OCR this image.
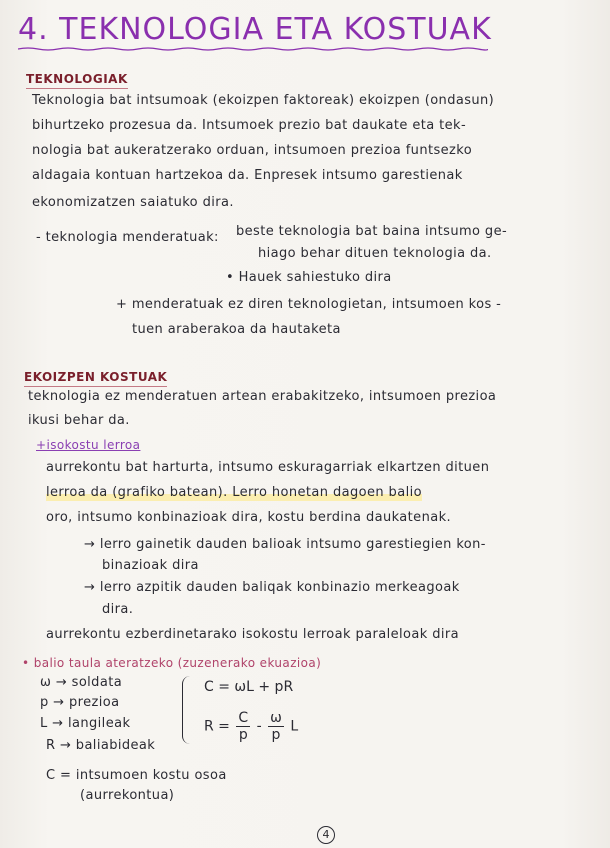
4. TEKNOLOGIA ETA KOSTUAK
TEKNOLOGIAK
Teknologia bat intsumoak (ekoizpen faktoreak) ekoizpen (ondasun)
bihurtzeko prozesua da. Intsumoek prezio bat daukate eta tek-
nologia bat aukeratzerako orduan, intsumoen prezioa funtsezko
aldagaia kontuan hartzekoa da. Enpresek intsumo garestienak
ekonomizatzen saiatuko dira.
- teknologia menderatuak: beste teknologia bat baina intsumo ge-
hiago behar dituen teknologia da.
• Hauek sahiestuko dira
+ menderatuak ez diren teknologietan, intsumoen kos -
tuen araberakoa da hautaketa
EKOIZPEN KOSTUAK
teknologia ez menderatuen artean erabakitzeko, intsumoen prezioa
ikusi behar da.
+isokostu lerroa
aurrekontu bat harturta, intsumo eskuragarriak elkartzen dituen
lerroa da (grafiko batean). Lerro honetan dagoen balio
oro, intsumo konbinazioak dira, kostu berdina daukatenak.
→ lerro gainetik dauden balioak intsumo garestiegien kon-
binazioak dira
→ lerro azpitik dauden baliqak konbinazio merkeagoak
dira.
aurrekontu ezberdinetarako isokostu lerroak paraleloak dira
• balio taula ateratzeko (zuzenerako ekuazioa)
ω → soldata
p → prezioa
L → langileak
R → baliabideak
C = ωL + pR
$R = \frac{C}{p} - \frac{\omega}{p}$ L
C = intsumoen kostu osoa
(aurrekontua)
4
